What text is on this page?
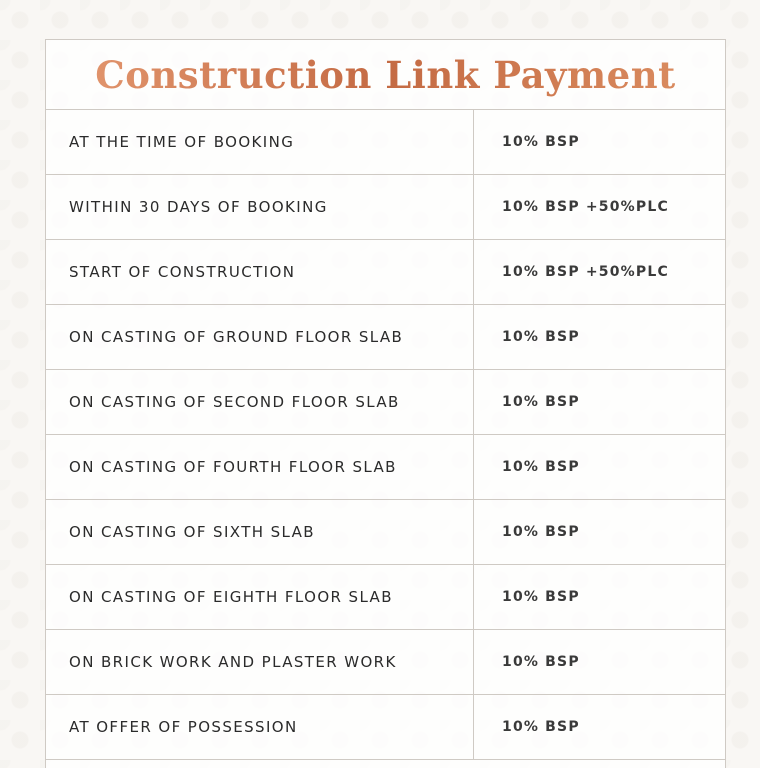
Construction Link Payment
AT THE TIME OF BOOKING	10% BSP
WITHIN 30 DAYS OF BOOKING	10% BSP +50%PLC
START OF CONSTRUCTION	10% BSP +50%PLC
ON CASTING OF GROUND FLOOR SLAB	10% BSP
ON CASTING OF SECOND FLOOR SLAB	10% BSP
ON CASTING OF FOURTH FLOOR SLAB	10% BSP
ON CASTING OF SIXTH SLAB	10% BSP
ON CASTING OF EIGHTH FLOOR SLAB	10% BSP
ON BRICK WORK AND PLASTER WORK	10% BSP
AT OFFER OF POSSESSION	10% BSP
